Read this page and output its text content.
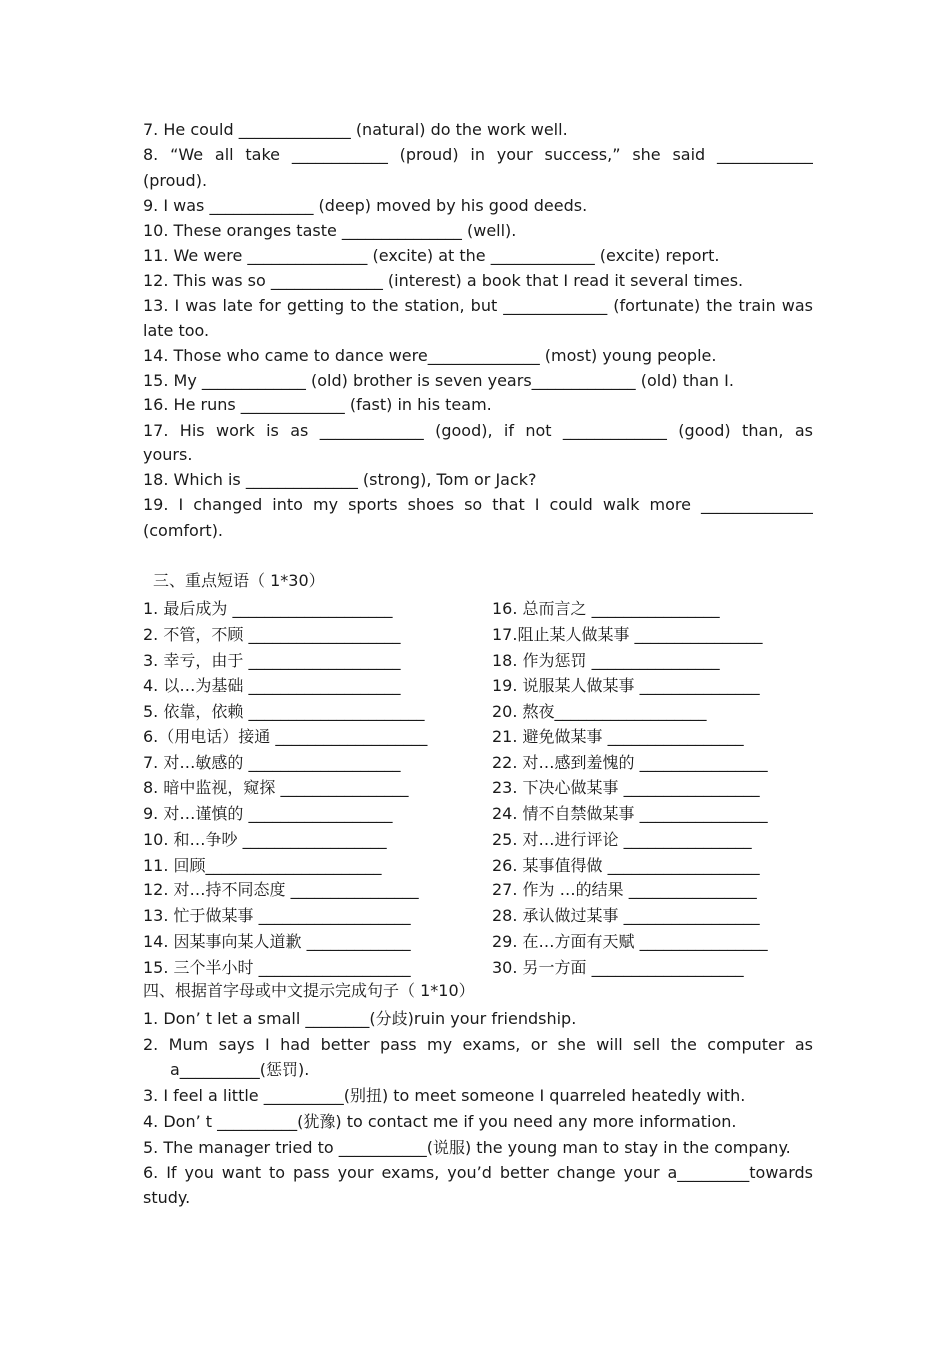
7. He could ______________ (natural) do the work well.
8. “We all take ____________ (proud) in your success,” she said ____________
(proud).
9. I was _____________ (deep) moved by his good deeds.
10. These oranges taste _______________ (well).
11. We were _______________ (excite) at the _____________ (excite) report.
12. This was so ______________ (interest) a book that I read it several times.
13. I was late for getting to the station, but _____________ (fortunate) the train was
late too.
14. Those who came to dance were______________ (most) young people.
15. My _____________ (old) brother is seven years_____________ (old) than I.
16. He runs _____________ (fast) in his team.
17. His work is as _____________ (good), if not _____________ (good) than, as
yours.
18. Which is ______________ (strong), Tom or Jack?
19. I changed into my sports shoes so that I could walk more ______________
(comfort).
三、重点短语（ 1*30）
1. 最后成为 ____________________
2. 不管，不顾 ___________________
3. 幸亏，由于 ___________________
4. 以…为基础 ___________________
5. 依靠，依赖 ______________________
6.（用电话）接通 ___________________
7. 对…敏感的 ___________________
8. 暗中监视，窥探 ________________
9. 对…谨慎的 __________________
10. 和…争吵 __________________
11. 回顾______________________
12. 对…持不同态度 ________________
13. 忙于做某事 ___________________
14. 因某事向某人道歉 _____________
15. 三个半小时 ___________________
16. 总而言之 ________________
17.阻止某人做某事 ________________
18. 作为惩罚 ________________
19. 说服某人做某事 _______________
20. 熬夜___________________
21. 避免做某事 _________________
22. 对…感到羞愧的 ________________
23. 下决心做某事 _________________
24. 情不自禁做某事 ________________
25. 对…进行评论 ________________
26. 某事值得做 ___________________
27. 作为 …的结果 ________________
28. 承认做过某事 _________________
29. 在…方面有天赋 ________________
30. 另一方面 ___________________
四、根据首字母或中文提示完成句子（ 1*10）
1. Don’ t let a small ________(分歧)ruin your friendship.
2. Mum says I had better pass my exams, or she will sell the computer as
a__________(惩罚).
3. I feel a little __________(别扭) to meet someone I quarreled heatedly with.
4. Don’ t __________(犹豫) to contact me if you need any more information.
5. The manager tried to ___________(说服) the young man to stay in the company.
6. If you want to pass your exams, you’d better change your a_________towards
study.
